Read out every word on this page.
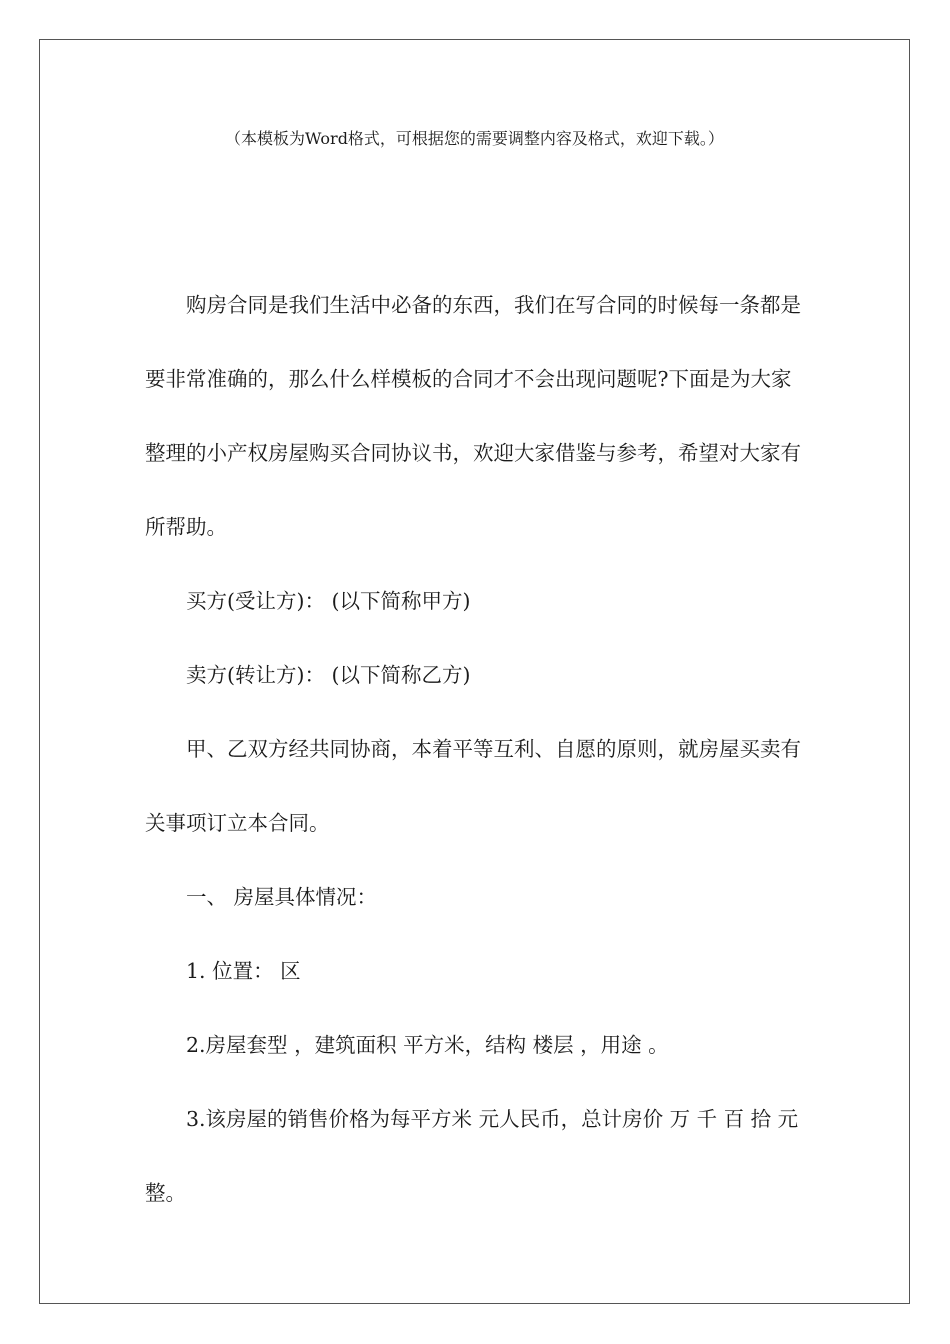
（本模板为Word格式，可根据您的需要调整内容及格式，欢迎下载。）

购房合同是我们生活中必备的东西，我们在写合同的时候每一条都是要非常准确的，那么什么样模板的合同才不会出现问题呢?下面是为大家整理的小产权房屋购买合同协议书，欢迎大家借鉴与参考，希望对大家有所帮助。

买方(受让方)： (以下简称甲方)

卖方(转让方)： (以下简称乙方)

甲、乙双方经共同协商，本着平等互利、自愿的原则，就房屋买卖有关事项订立本合同。

一、 房屋具体情况：

1. 位置： 区

2.房屋套型 ，建筑面积 平方米，结构 楼层 ，用途 。

3.该房屋的销售价格为每平方米 元人民币，总计房价 万 千 百 拾 元整。
